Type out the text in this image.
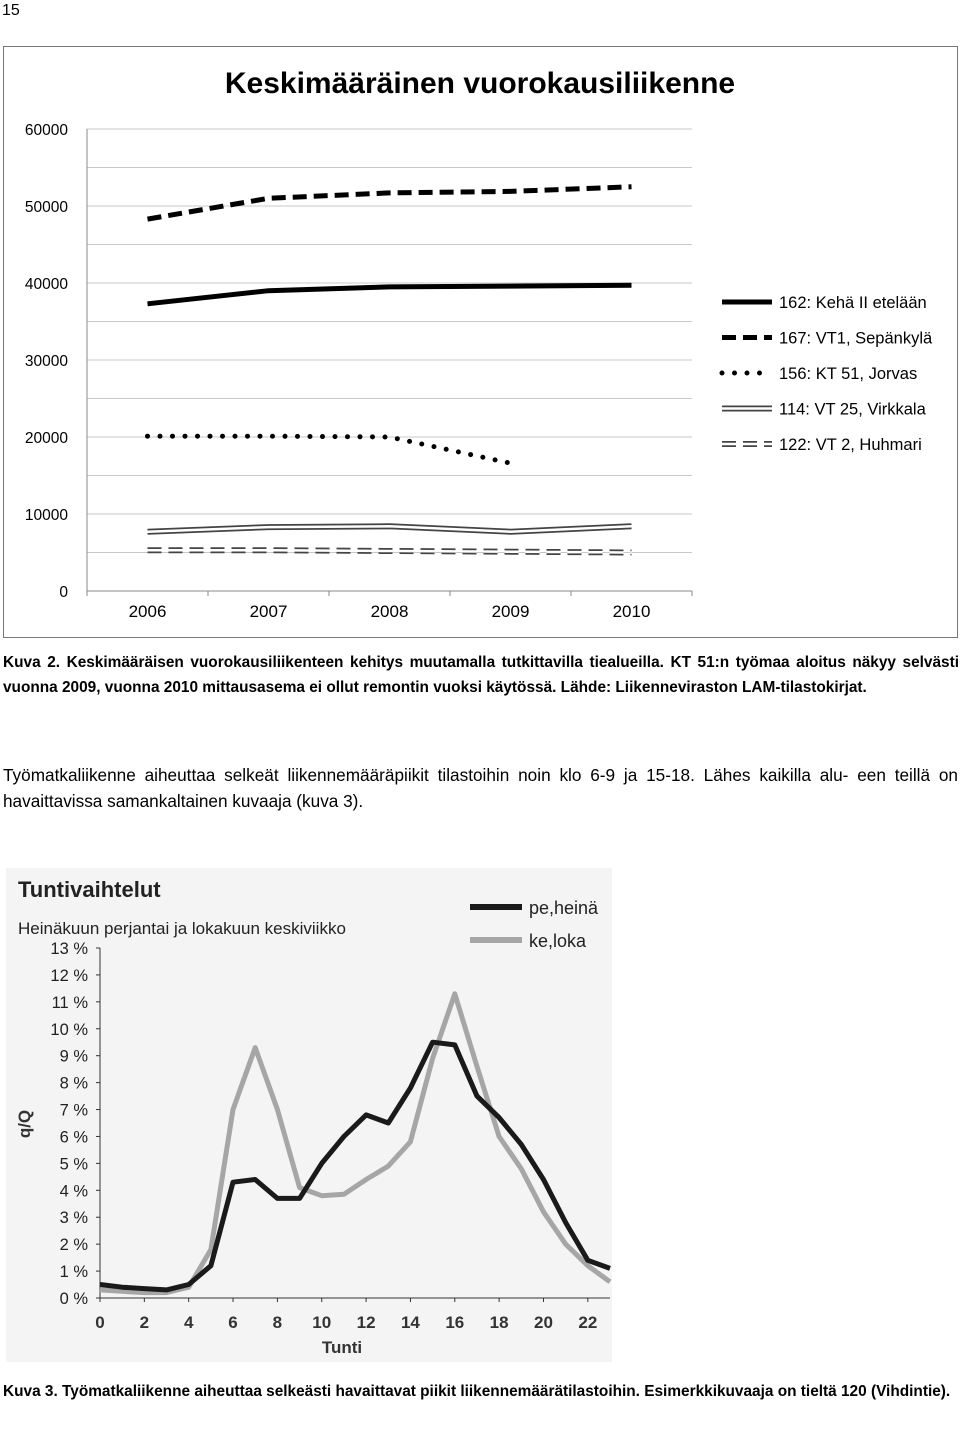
15
Keskimääräinen vuorokausiliikenne
0
10000
20000
30000
40000
50000
60000
2006	2007	2008	2009	2010
162: Kehä II etelään
167: VT1, Sepänkylä
156: KT 51, Jorvas
114: VT 25, Virkkala
122: VT 2, Huhmari
Kuva 2. Keskimääräisen vuorokausiliikenteen kehitys muutamalla tutkittavilla tiealueilla. KT 51:n työmaa aloitus näkyy selvästi vuonna 2009, vuonna 2010 mittausasema ei ollut remontin vuoksi käytössä. Lähde: Liikenneviraston LAM-tilastokirjat.
Työmatkaliikenne aiheuttaa selkeät liikennemääräpiikit tilastoihin noin klo 6-9 ja 15-18. Lähes kaikilla alu- een teillä on havaittavissa samankaltainen kuvaaja (kuva 3).
Tuntivaihtelut
Heinäkuun perjantai ja lokakuun keskiviikko
0 %
1 %
2 %
3 %
4 %
5 %
6 %
7 %
8 %
9 %
10 %
11 %
12 %
13 %
0 2 4 6 8 10 12 14 16 18 20 22
Tunti
q/Q
pe,heinä
ke,loka
Kuva 3. Työmatkaliikenne aiheuttaa selkeästi havaittavat piikit liikennemäärätilastoihin. Esimerkkikuvaaja on tieltä 120 (Vihdintie).
